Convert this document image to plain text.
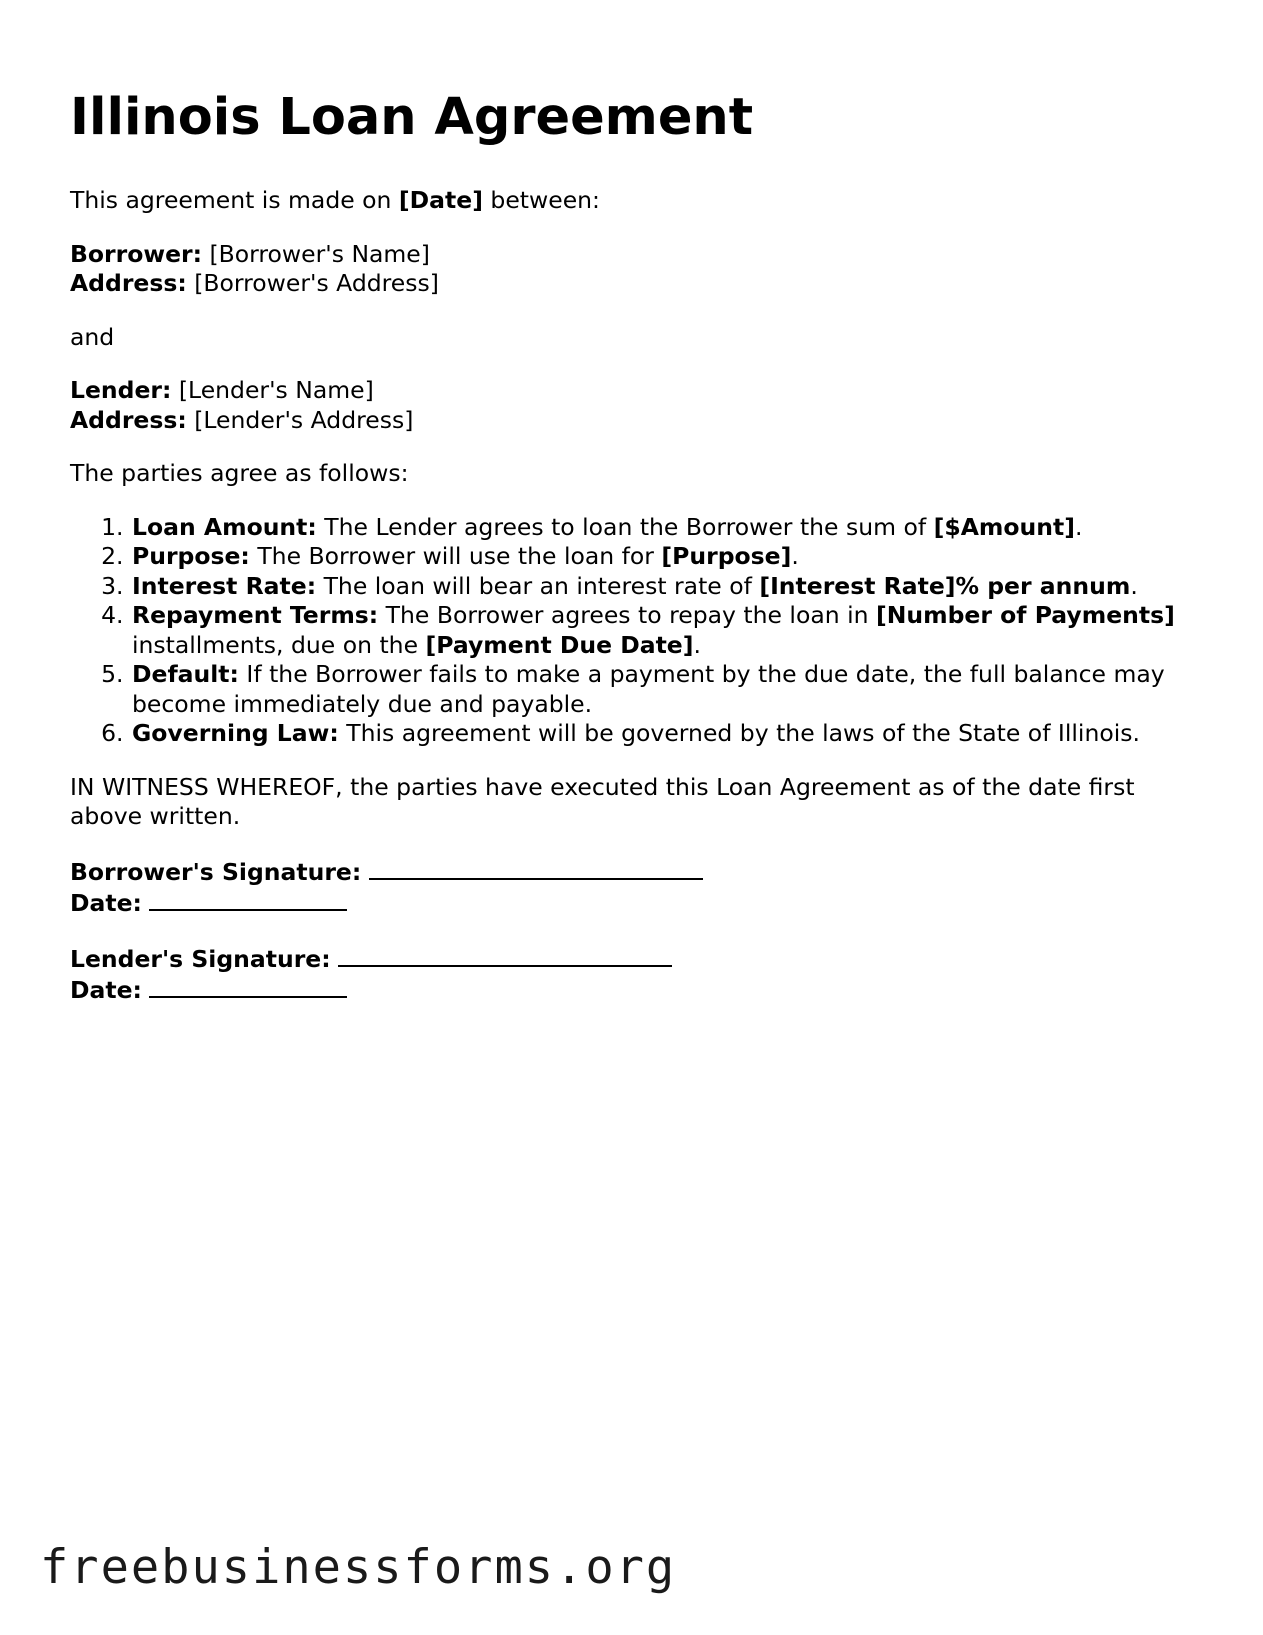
Illinois Loan Agreement

This agreement is made on [Date] between:

Borrower: [Borrower's Name]
Address: [Borrower's Address]

and

Lender: [Lender's Name]
Address: [Lender's Address]

The parties agree as follows:

1. Loan Amount: The Lender agrees to loan the Borrower the sum of [$Amount].
2. Purpose: The Borrower will use the loan for [Purpose].
3. Interest Rate: The loan will bear an interest rate of [Interest Rate]% per annum.
4. Repayment Terms: The Borrower agrees to repay the loan in [Number of Payments] installments, due on the [Payment Due Date].
5. Default: If the Borrower fails to make a payment by the due date, the full balance may become immediately due and payable.
6. Governing Law: This agreement will be governed by the laws of the State of Illinois.

IN WITNESS WHEREOF, the parties have executed this Loan Agreement as of the date first above written.

Borrower's Signature:
Date:

Lender's Signature:
Date:

freebusinessforms.org
